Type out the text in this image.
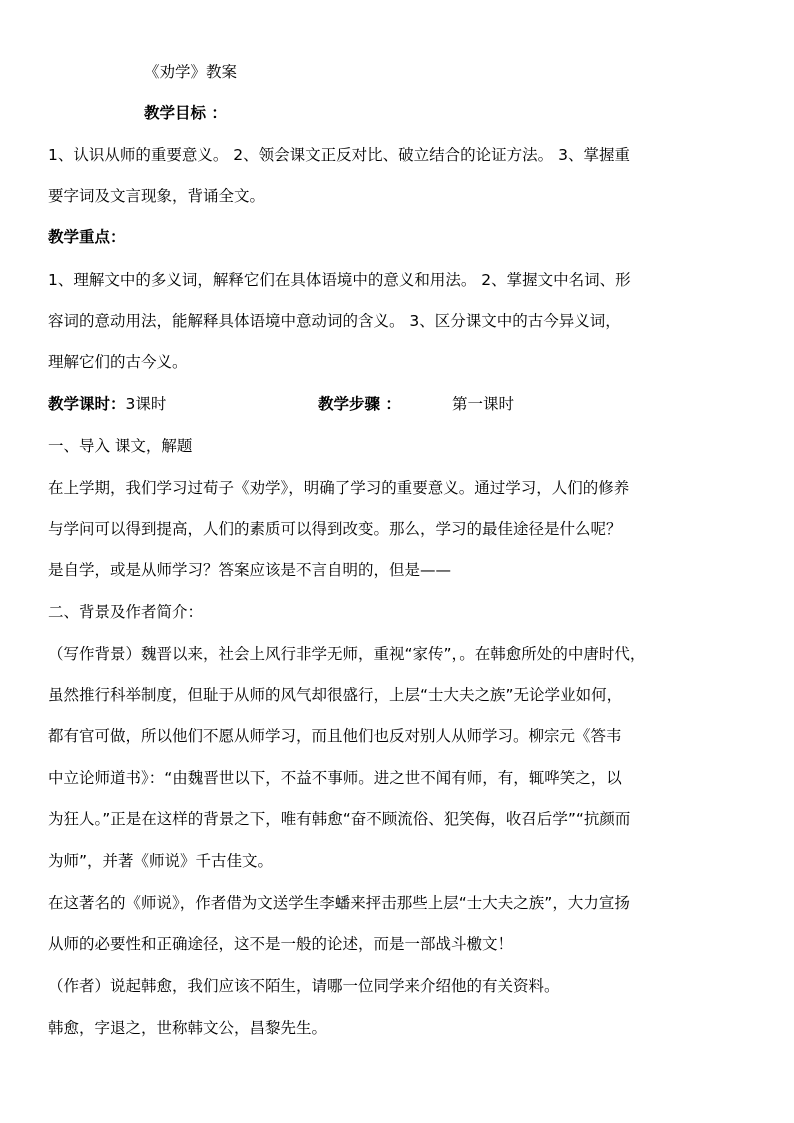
《劝学》教案
教学目标 ：
1、认识从师的重要意义。 2、领会课文正反对比、破立结合的论证方法。 3、掌握重
要字词及文言现象，背诵全文。
教学重点：
1、理解文中的多义词，解释它们在具体语境中的意义和用法。 2、掌握文中名词、形
容词的意动用法，能解释具体语境中意动词的含义。 3、区分课文中的古今异义词，
理解它们的古今义。
教学课时：3课时	教学步骤 ：	第一课时
一、导入 课文，解题
在上学期，我们学习过荀子《劝学》，明确了学习的重要意义。通过学习，人们的修养
与学问可以得到提高，人们的素质可以得到改变。那么，学习的最佳途径是什么呢？
是自学，或是从师学习？答案应该是不言自明的，但是——
二、背景及作者简介：
（写作背景）魏晋以来，社会上风行非学无师，重视“家传”，。在韩愈所处的中唐时代，
虽然推行科举制度，但耻于从师的风气却很盛行，上层“士大夫之族”无论学业如何，
都有官可做，所以他们不愿从师学习，而且他们也反对别人从师学习。柳宗元《答韦
中立论师道书》：“由魏晋世以下，不益不事师。进之世不闻有师，有，辄哗笑之，以
为狂人。”正是在这样的背景之下，唯有韩愈“奋不顾流俗、犯笑侮，收召后学”“抗颜而
为师”，并著《师说》千古佳文。
在这著名的《师说》，作者借为文送学生李蟠来抨击那些上层“士大夫之族”，大力宣扬
从师的必要性和正确途径，这不是一般的论述，而是一部战斗檄文！
（作者）说起韩愈，我们应该不陌生，请哪一位同学来介绍他的有关资料。
韩愈，字退之，世称韩文公，昌黎先生。
